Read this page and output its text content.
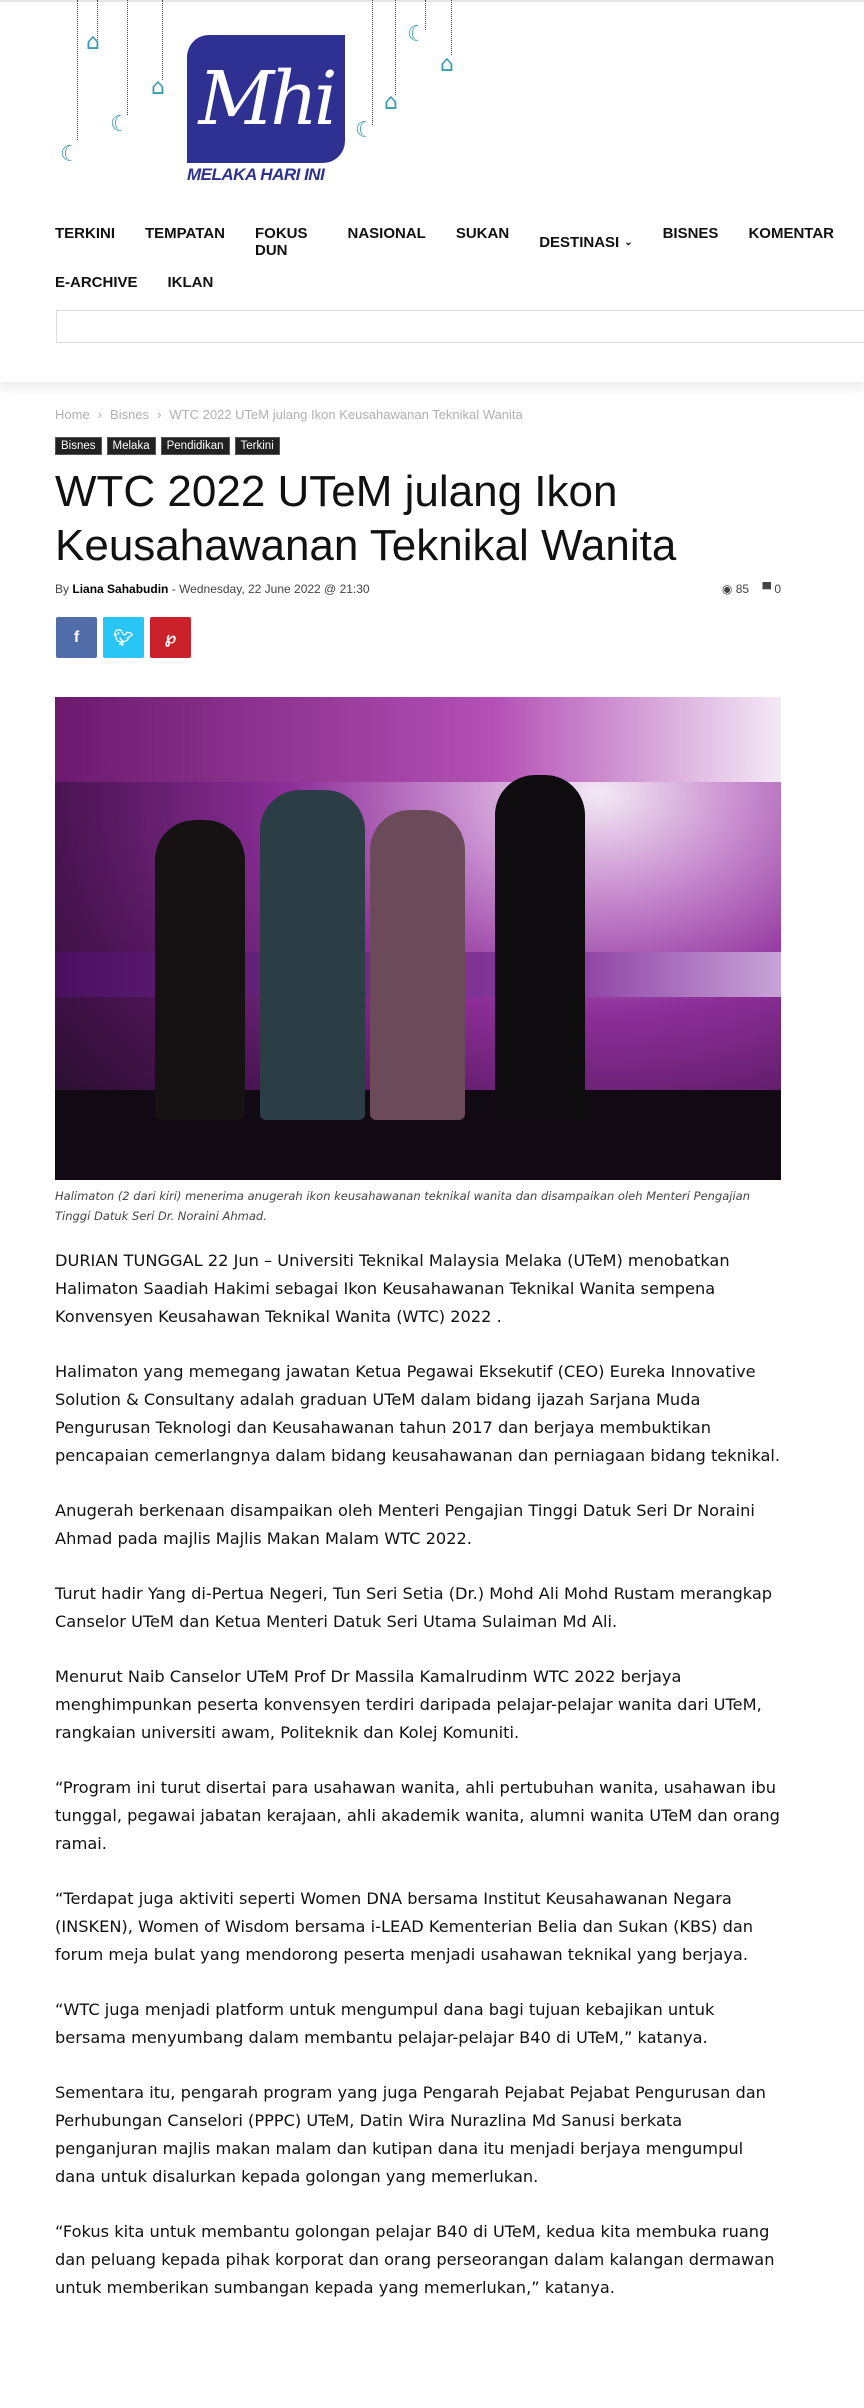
☾
⌂
☾
⌂
☾
⌂
☾
⌂
Mhi
MELAKA HARI INI
TERKINI TEMPATAN FOKUS DUN
NASIONAL SUKAN DESTINASI ⌄ BISNES KOMENTAR
E-ARCHIVE IKLAN
Home › Bisnes › WTC 2022 UTeM julang Ikon Keusahawanan Teknikal Wanita
Bisnes	Melaka	Pendidikan	Terkini
WTC 2022 UTeM julang Ikon Keusahawanan Teknikal Wanita
By Liana Sahabudin - Wednesday, 22 June 2022 @ 21:30	◉ 85 ▀ 0
f 🐦︎ ℘
Halimaton (2 dari kiri) menerima anugerah ikon keusahawanan teknikal wanita dan disampaikan oleh Menteri Pengajian Tinggi Datuk Seri Dr. Noraini Ahmad.

DURIAN TUNGGAL 22 Jun – Universiti Teknikal Malaysia Melaka (UTeM) menobatkan Halimaton Saadiah Hakimi sebagai Ikon Keusahawanan Teknikal Wanita sempena Konvensyen Keusahawan Teknikal Wanita (WTC) 2022 .

Halimaton yang memegang jawatan Ketua Pegawai Eksekutif (CEO) Eureka Innovative Solution & Consultany adalah graduan UTeM dalam bidang ijazah Sarjana Muda Pengurusan Teknologi dan Keusahawanan tahun 2017 dan berjaya membuktikan pencapaian cemerlangnya dalam bidang keusahawanan dan perniagaan bidang teknikal.

Anugerah berkenaan disampaikan oleh Menteri Pengajian Tinggi Datuk Seri Dr Noraini Ahmad pada majlis Majlis Makan Malam WTC 2022.

Turut hadir Yang di-Pertua Negeri, Tun Seri Setia (Dr.) Mohd Ali Mohd Rustam merangkap Canselor UTeM dan Ketua Menteri Datuk Seri Utama Sulaiman Md Ali.

Menurut Naib Canselor UTeM Prof Dr Massila Kamalrudinm WTC 2022 berjaya menghimpunkan peserta konvensyen terdiri daripada pelajar-pelajar wanita dari UTeM, rangkaian universiti awam, Politeknik dan Kolej Komuniti.

“Program ini turut disertai para usahawan wanita, ahli pertubuhan wanita, usahawan ibu tunggal, pegawai jabatan kerajaan, ahli akademik wanita, alumni wanita UTeM dan orang ramai.

“Terdapat juga aktiviti seperti Women DNA bersama Institut Keusahawanan Negara (INSKEN), Women of Wisdom bersama i-LEAD Kementerian Belia dan Sukan (KBS) dan forum meja bulat yang mendorong peserta menjadi usahawan teknikal yang berjaya.

“WTC juga menjadi platform untuk mengumpul dana bagi tujuan kebajikan untuk bersama menyumbang dalam membantu pelajar-pelajar B40 di UTeM,” katanya.

Sementara itu, pengarah program yang juga Pengarah Pejabat Pejabat Pengurusan dan Perhubungan Canselori (PPPC) UTeM, Datin Wira Nurazlina Md Sanusi berkata penganjuran majlis makan malam dan kutipan dana itu menjadi berjaya mengumpul dana untuk disalurkan kepada golongan yang memerlukan.

“Fokus kita untuk membantu golongan pelajar B40 di UTeM, kedua kita membuka ruang dan peluang kepada pihak korporat dan orang perseorangan dalam kalangan dermawan untuk memberikan sumbangan kepada yang memerlukan,” katanya.
